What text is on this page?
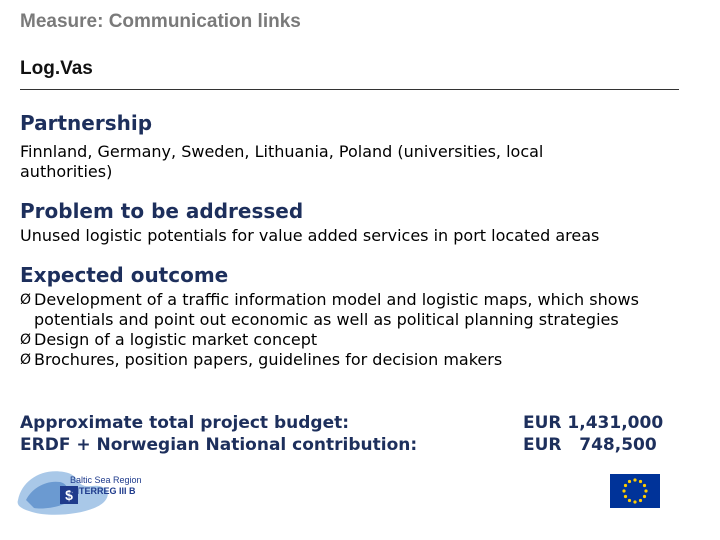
Measure: Communication links
Log.Vas
Partnership

Finnland, Germany, Sweden, Lithuania, Poland (universities, local authorities)

Problem to be addressed

Unused logistic potentials for value added services in port located areas

Expected outcome
Ø Development of a traffic information model and logistic maps, which shows potentials and point out economic as well as political planning strategies
Ø Design of a logistic market concept
Ø Brochures, position papers, guidelines for decision makers
Approximate total project budget:
ERDF + Norwegian National contribution:
EUR 1,431,000
EUR   748,500
$
Baltic Sea Region
INTERREG III B
